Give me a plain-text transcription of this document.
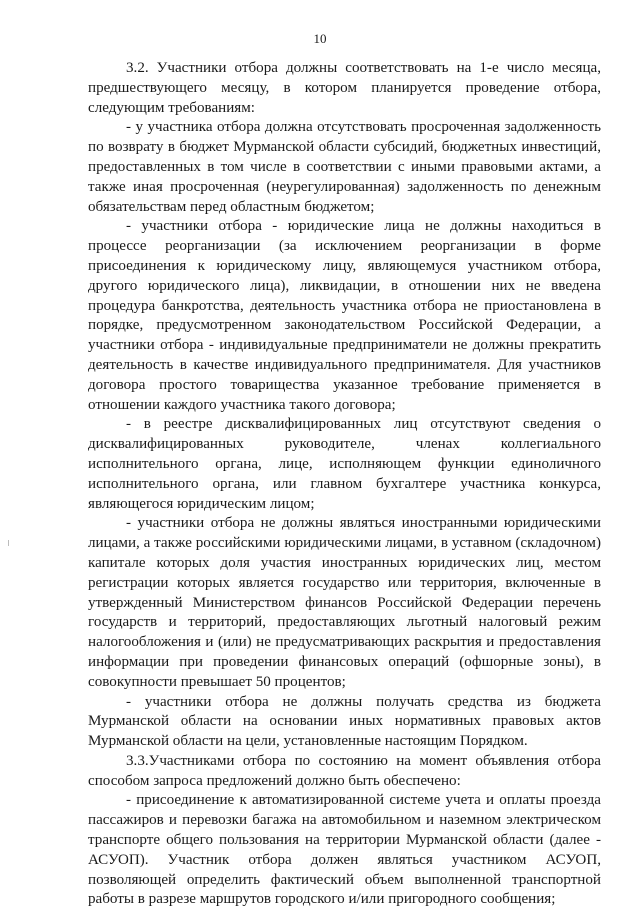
10

3.2. Участники отбора должны соответствовать на 1-е число месяца, предшествующего месяцу, в котором планируется проведение отбора, следующим требованиям:

- у участника отбора должна отсутствовать просроченная задолженность по возврату в бюджет Мурманской области субсидий, бюджетных инвестиций, предоставленных в том числе в соответствии с иными правовыми актами, а также иная просроченная (неурегулированная) задолженность по денежным обязательствам перед областным бюджетом;

- участники отбора - юридические лица не должны находиться в процессе реорганизации (за исключением реорганизации в форме присоединения к юридическому лицу, являющемуся участником отбора, другого юридического лица), ликвидации, в отношении них не введена процедура банкротства, деятельность участника отбора не приостановлена в порядке, предусмотренном законодательством Российской Федерации, а участники отбора - индивидуальные предприниматели не должны прекратить деятельность в качестве индивидуального предпринимателя. Для участников договора простого товарищества указанное требование применяется в отношении каждого участника такого договора;

- в реестре дисквалифицированных лиц отсутствуют сведения о дисквалифицированных руководителе, членах коллегиального исполнительного органа, лице, исполняющем функции единоличного исполнительного органа, или главном бухгалтере участника конкурса, являющегося юридическим лицом;

- участники отбора не должны являться иностранными юридическими лицами, а также российскими юридическими лицами, в уставном (складочном) капитале которых доля участия иностранных юридических лиц, местом регистрации которых является государство или территория, включенные в утвержденный Министерством финансов Российской Федерации перечень государств и территорий, предоставляющих льготный налоговый режим налогообложения и (или) не предусматривающих раскрытия и предоставления информации при проведении финансовых операций (офшорные зоны), в совокупности превышает 50 процентов;

- участники отбора не должны получать средства из бюджета Мурманской области на основании иных нормативных правовых актов Мурманской области на цели, установленные настоящим Порядком.

3.3.Участниками отбора по состоянию на момент объявления отбора способом запроса предложений должно быть обеспечено:

- присоединение к автоматизированной системе учета и оплаты проезда пассажиров и перевозки багажа на автомобильном и наземном электрическом транспорте общего пользования на территории Мурманской области (далее - АСУОП). Участник отбора должен являться участником АСУОП, позволяющей определить фактический объем выполненной транспортной работы в разрезе маршрутов городского и/или пригородного сообщения;
